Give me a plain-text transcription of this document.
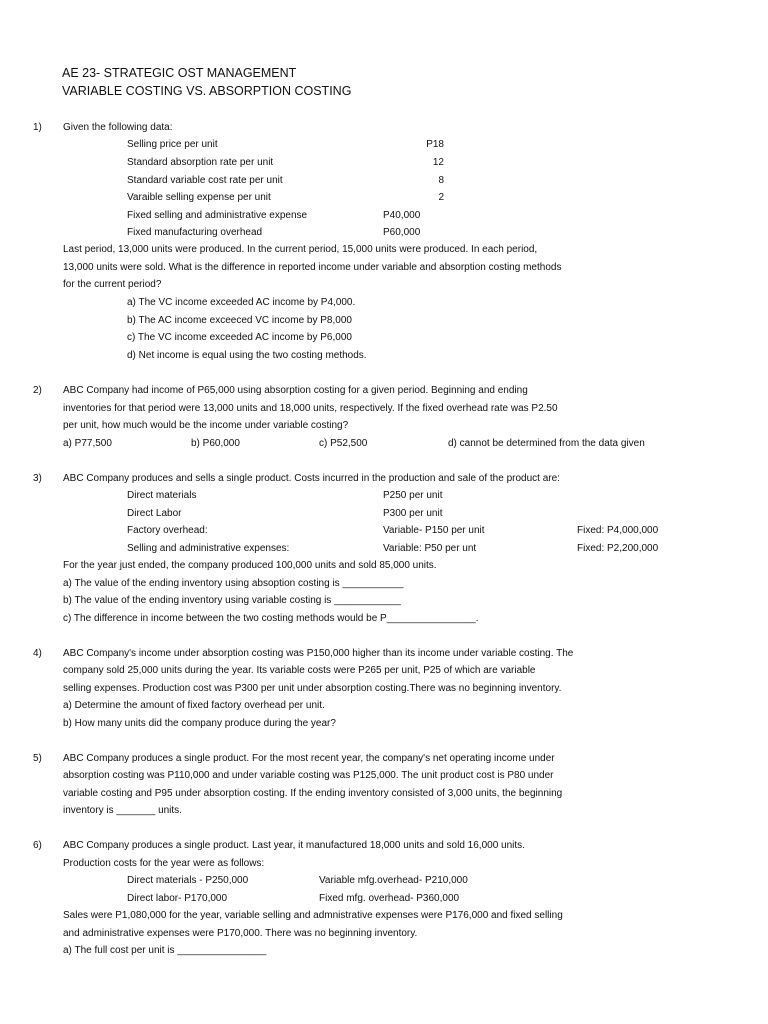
AE 23- STRATEGIC OST MANAGEMENT
VARIABLE COSTING VS. ABSORPTION COSTING
1) Given the following data:
Selling price per unit	P18
Standard absorption rate per unit	12
Standard variable cost rate per unit	8
Varaible selling expense per unit	2
Fixed selling and administrative expense	P40,000
Fixed manufacturing overhead	P60,000
Last period, 13,000 units were produced. In the current period, 15,000 units were produced. In each period,
13,000 units were sold. What is the difference in reported income under variable and absorption costing methods
for the current period?
a) The VC income exceeded AC income by P4,000.
b) The AC income exceeced VC income by P8,000
c) The VC income exceeded AC income by P6,000
d) Net income is equal using the two costing methods.
2) ABC Company had income of P65,000 using absorption costing for a given period. Beginning and ending
inventories for that period were 13,000 units and 18,000 units, respectively. If the fixed overhead rate was P2.50
per unit, how much would be the income under variable costing?
a) P77,500	b) P60,000	c) P52,500	d) cannot be determined from the data given
3) ABC Company produces and sells a single product. Costs incurred in the production and sale of the product are:
Direct materials	P250 per unit
Direct Labor	P300 per unit
Factory overhead:	Variable- P150 per unit	Fixed: P4,000,000
Selling and administrative expenses:	Variable: P50 per unt	Fixed: P2,200,000
For the year just ended, the company produced 100,000 units and sold 85,000 units.
a) The value of the ending inventory using absoption costing is ___________
b) The value of the ending inventory using variable costing is ____________
c) The difference in income between the two costing methods would be P________________.
4) ABC Company's income under absorption costing was P150,000 higher than its income under variable costing. The
company sold 25,000 units during the year. Its variable costs were P265 per unit, P25 of which are variable
selling expenses. Production cost was P300 per unit under absorption costing.There was no beginning inventory.
a) Determine the amount of fixed factory overhead per unit.
b) How many units did the company produce during the year?
5) ABC Company produces a single product. For the most recent year, the company's net operating income under
absorption costing was P110,000 and under variable costing was P125,000. The unit product cost is P80 under
variable costing and P95 under absorption costing. If the ending inventory consisted of 3,000 units, the beginning
inventory is _______ units.
6) ABC Company produces a single product. Last year, it manufactured 18,000 units and sold 16,000 units.
Production costs for the year were as follows:
Direct materials - P250,000	Variable mfg.overhead- P210,000
Direct labor- P170,000	Fixed mfg. overhead- P360,000
Sales were P1,080,000 for the year, variable selling and admnistrative expenses were P176,000 and fixed selling
and administrative expenses were P170,000. There was no beginning inventory.
a) The full cost per unit is ________________
